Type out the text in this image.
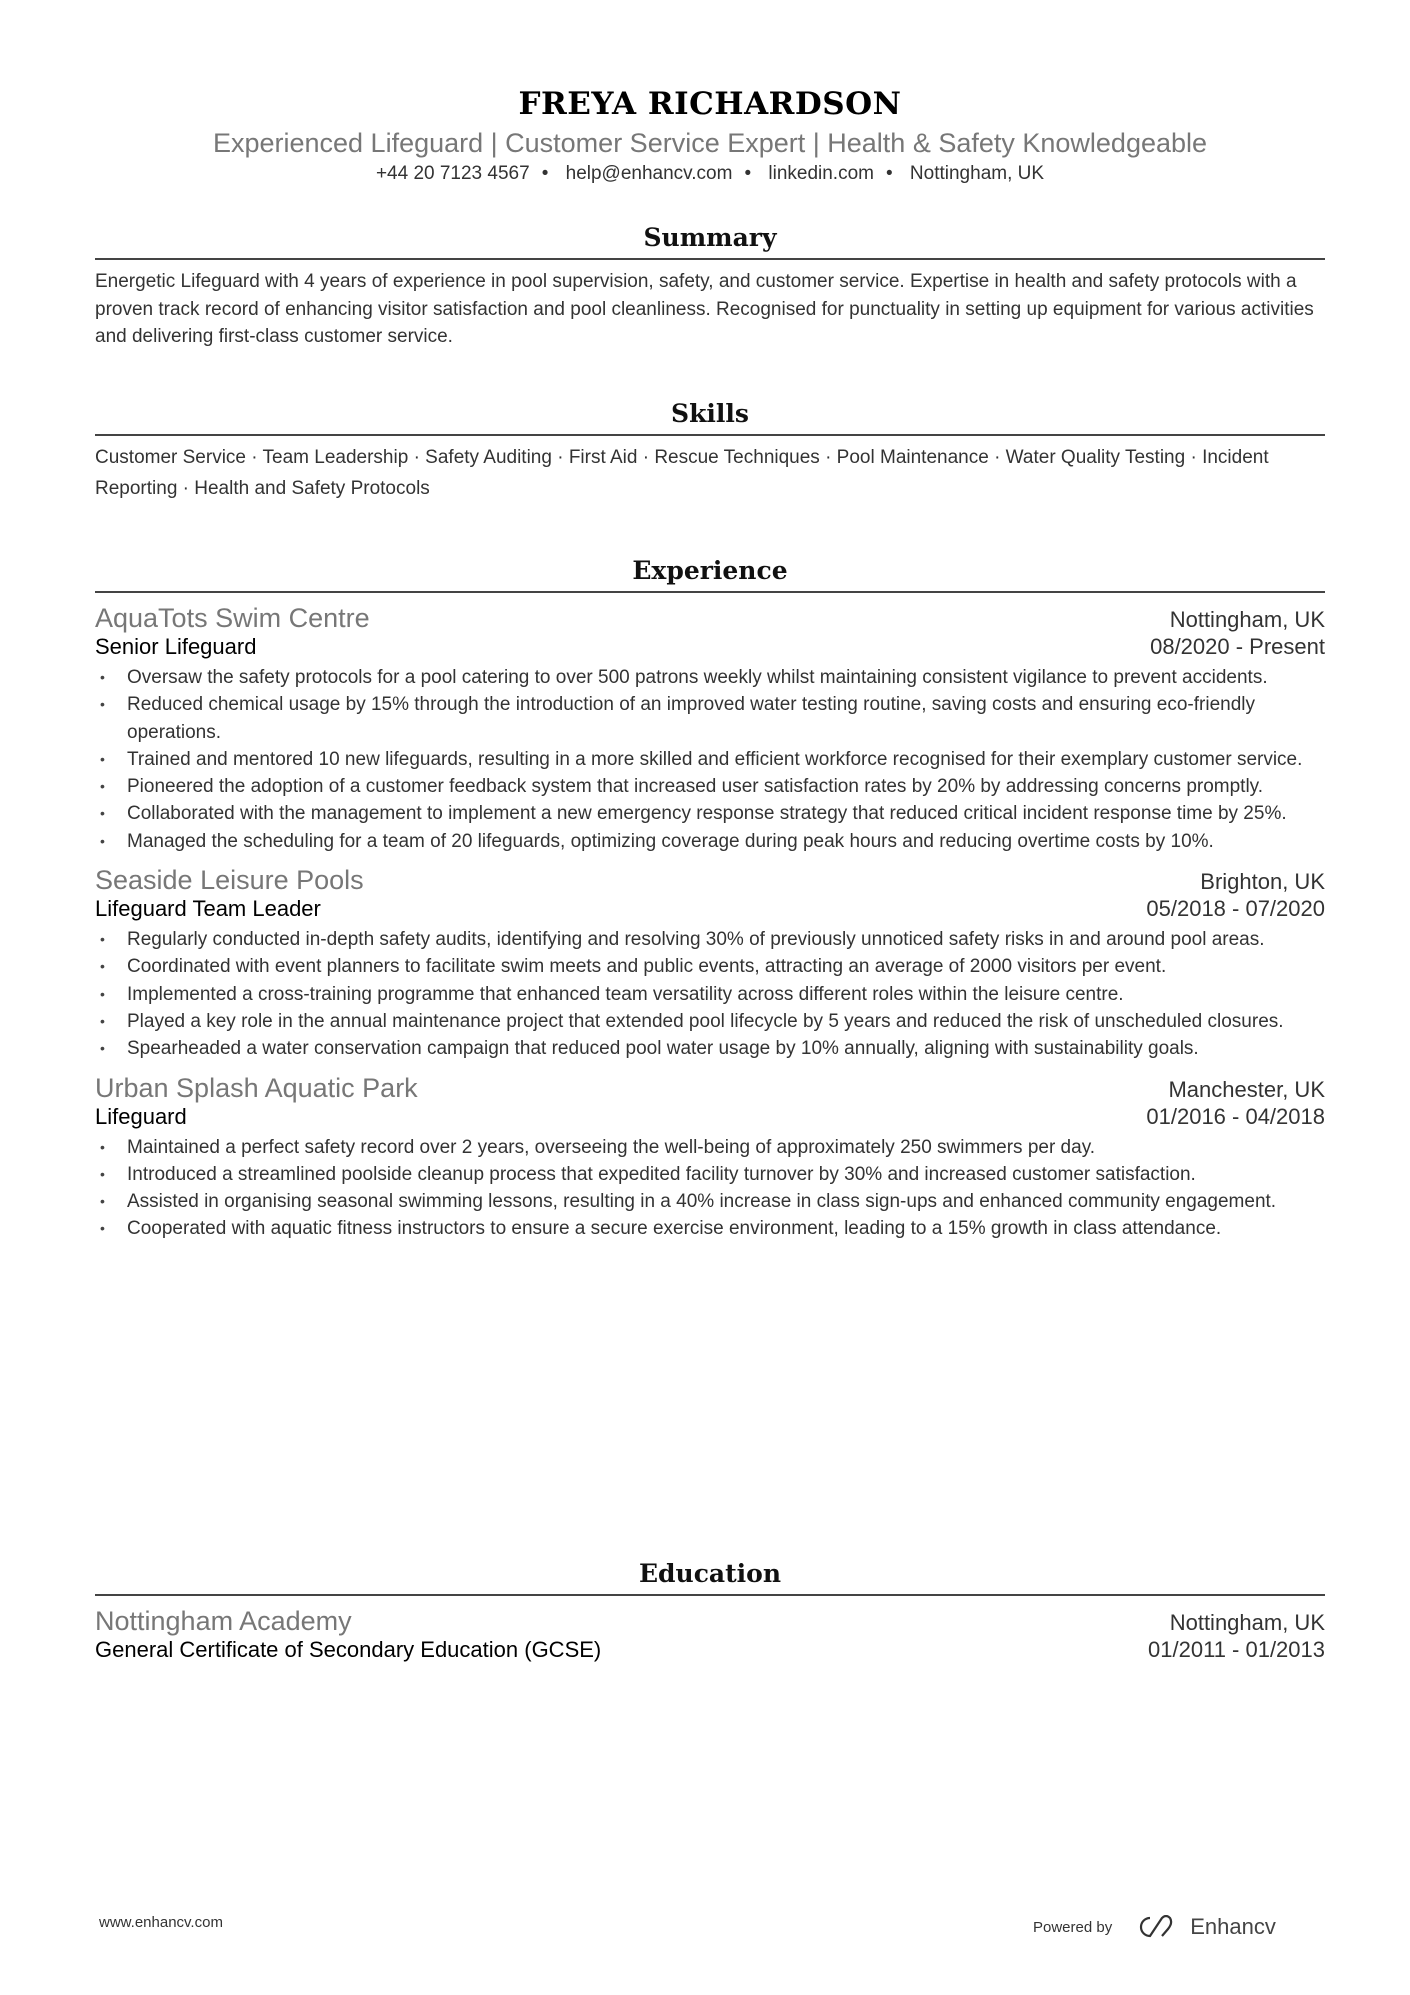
FREYA RICHARDSON
Experienced Lifeguard | Customer Service Expert | Health & Safety Knowledgeable
+44 20 7123 4567 • help@enhancv.com • linkedin.com • Nottingham, UK
Summary

Energetic Lifeguard with 4 years of experience in pool supervision, safety, and customer service. Expertise in health and safety protocols with a proven track record of enhancing visitor satisfaction and pool cleanliness. Recognised for punctuality in setting up equipment for various activities and delivering first-class customer service.

Skills

Customer Service · Team Leadership · Safety Auditing · First Aid · Rescue Techniques · Pool Maintenance · Water Quality Testing · Incident Reporting · Health and Safety Protocols

Experience
AquaTots Swim Centre	Nottingham, UK
Senior Lifeguard	08/2020 - Present
• Oversaw the safety protocols for a pool catering to over 500 patrons weekly whilst maintaining consistent vigilance to prevent accidents.
• Reduced chemical usage by 15% through the introduction of an improved water testing routine, saving costs and ensuring eco-friendly operations.
• Trained and mentored 10 new lifeguards, resulting in a more skilled and efficient workforce recognised for their exemplary customer service.
• Pioneered the adoption of a customer feedback system that increased user satisfaction rates by 20% by addressing concerns promptly.
• Collaborated with the management to implement a new emergency response strategy that reduced critical incident response time by 25%.
• Managed the scheduling for a team of 20 lifeguards, optimizing coverage during peak hours and reducing overtime costs by 10%.
Seaside Leisure Pools	Brighton, UK
Lifeguard Team Leader	05/2018 - 07/2020
• Regularly conducted in-depth safety audits, identifying and resolving 30% of previously unnoticed safety risks in and around pool areas.
• Coordinated with event planners to facilitate swim meets and public events, attracting an average of 2000 visitors per event.
• Implemented a cross-training programme that enhanced team versatility across different roles within the leisure centre.
• Played a key role in the annual maintenance project that extended pool lifecycle by 5 years and reduced the risk of unscheduled closures.
• Spearheaded a water conservation campaign that reduced pool water usage by 10% annually, aligning with sustainability goals.
Urban Splash Aquatic Park	Manchester, UK
Lifeguard	01/2016 - 04/2018
• Maintained a perfect safety record over 2 years, overseeing the well-being of approximately 250 swimmers per day.
• Introduced a streamlined poolside cleanup process that expedited facility turnover by 30% and increased customer satisfaction.
• Assisted in organising seasonal swimming lessons, resulting in a 40% increase in class sign-ups and enhanced community engagement.
• Cooperated with aquatic fitness instructors to ensure a secure exercise environment, leading to a 15% growth in class attendance.
Education
Nottingham Academy	Nottingham, UK
General Certificate of Secondary Education (GCSE)	01/2011 - 01/2013
www.enhancv.com	Powered by	Enhancv
